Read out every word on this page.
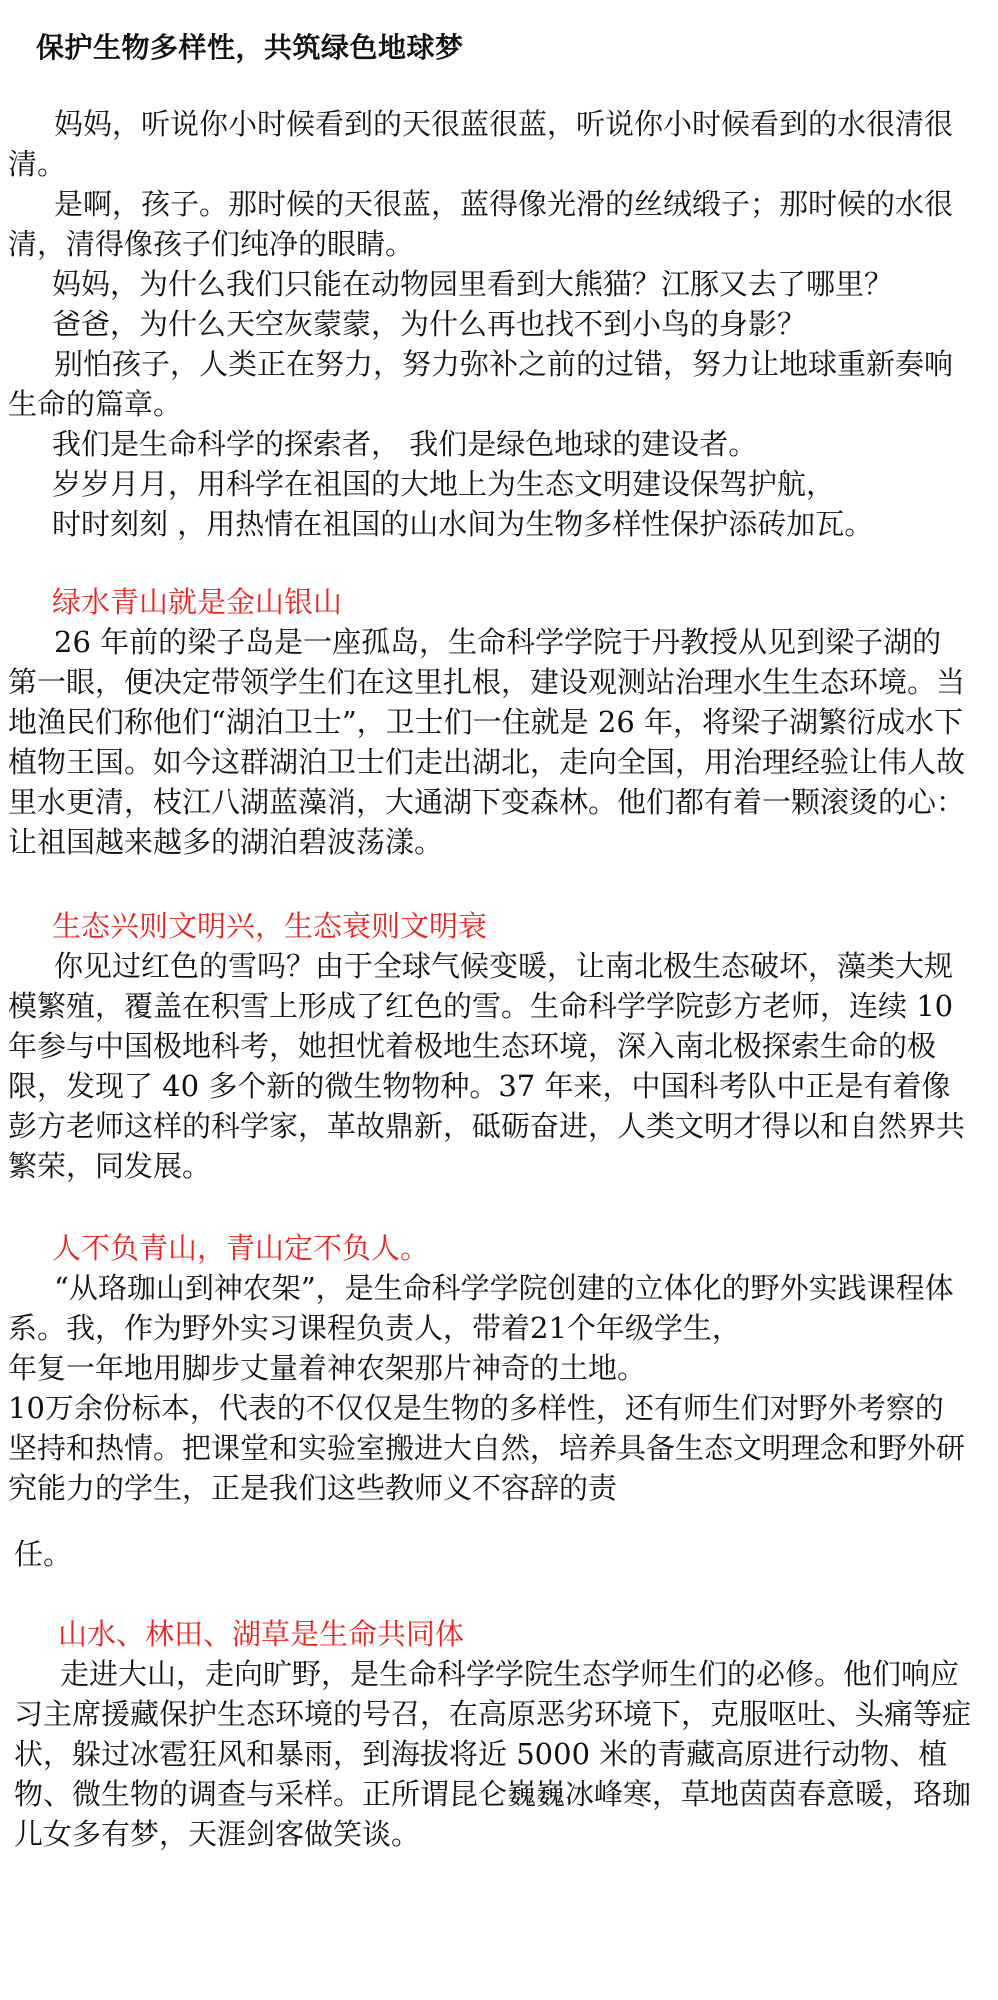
保护生物多样性，共筑绿色地球梦
妈妈，听说你小时候看到的天很蓝很蓝，听说你小时候看到的水很清很清。
是啊，孩子。那时候的天很蓝，蓝得像光滑的丝绒缎子；那时候的水很清，清得像孩子们纯净的眼睛。
妈妈，为什么我们只能在动物园里看到大熊猫？江豚又去了哪里？
爸爸，为什么天空灰蒙蒙，为什么再也找不到小鸟的身影？
别怕孩子，人类正在努力，努力弥补之前的过错，努力让地球重新奏响生命的篇章。
我们是生命科学的探索者， 我们是绿色地球的建设者。
岁岁月月，用科学在祖国的大地上为生态文明建设保驾护航，
时时刻刻 ，用热情在祖国的山水间为生物多样性保护添砖加瓦。
绿水青山就是金山银山
26 年前的梁子岛是一座孤岛，生命科学学院于丹教授从见到梁子湖的第一眼，便决定带领学生们在这里扎根，建设观测站治理水生生态环境。当地渔民们称他们“湖泊卫士”，卫士们一住就是 26 年，将梁子湖繁衍成水下植物王国。如今这群湖泊卫士们走出湖北，走向全国，用治理经验让伟人故里水更清，枝江八湖蓝藻消，大通湖下变森林。他们都有着一颗滚烫的心：让祖国越来越多的湖泊碧波荡漾。
生态兴则文明兴，生态衰则文明衰
你见过红色的雪吗？由于全球气候变暖，让南北极生态破坏，藻类大规模繁殖，覆盖在积雪上形成了红色的雪。生命科学学院彭方老师，连续 10 年参与中国极地科考，她担忧着极地生态环境，深入南北极探索生命的极限，发现了 40 多个新的微生物物种。37 年来，中国科考队中正是有着像彭方老师这样的科学家，革故鼎新，砥砺奋进，人类文明才得以和自然界共繁荣，同发展。
人不负青山，青山定不负人。
“从珞珈山到神农架”，是生命科学学院创建的立体化的野外实践课程体系。我，作为野外实习课程负责人，带着21个年级学生，
年复一年地用脚步丈量着神农架那片神奇的土地。
10万余份标本，代表的不仅仅是生物的多样性，还有师生们对野外考察的坚持和热情。把课堂和实验室搬进大自然，培养具备生态文明理念和野外研究能力的学生，正是我们这些教师义不容辞的责
任。
山水、林田、湖草是生命共同体
走进大山，走向旷野，是生命科学学院生态学师生们的必修。他们响应习主席援藏保护生态环境的号召，在高原恶劣环境下，克服呕吐、头痛等症状，躲过冰雹狂风和暴雨，到海拔将近 5000 米的青藏高原进行动物、植物、微生物的调查与采样。正所谓昆仑巍巍冰峰寒，草地茵茵春意暖，珞珈儿女多有梦，天涯剑客做笑谈。
